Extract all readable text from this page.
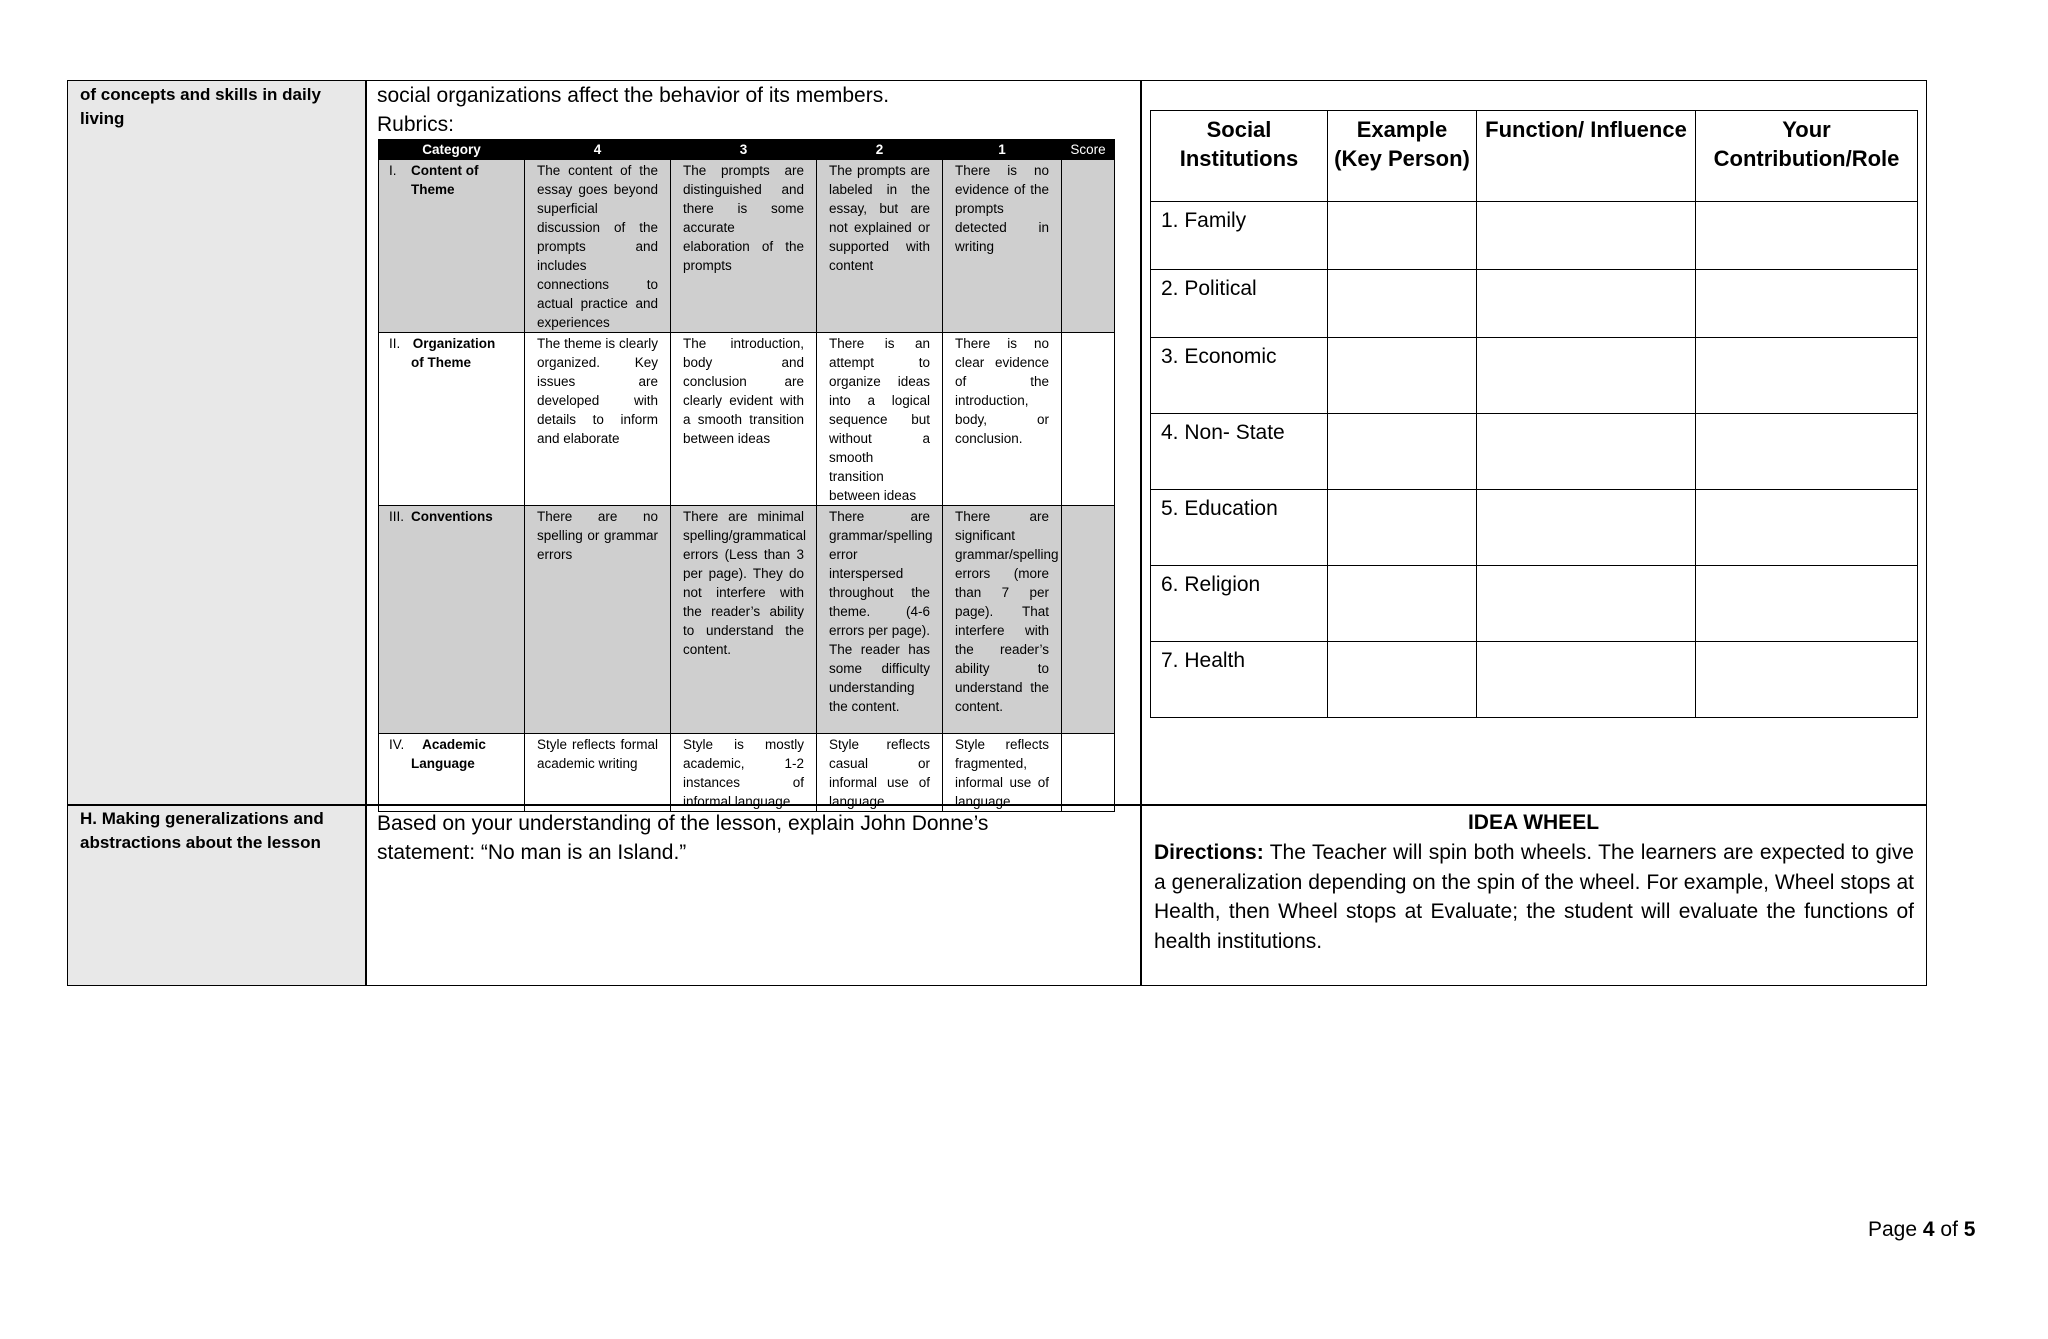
of concepts and skills in daily living
H. Making generalizations and abstractions about the lesson
social organizations affect the behavior of its members.
Rubrics:
Category	4	3	2	1	Score
I. Content of Theme	The content of the essay goes beyond superficial discussion of the prompts and includes connections to actual practice and experiences	The prompts are distinguished and there is some accurate elaboration of the prompts	The prompts are labeled in the essay, but are not explained or supported with content	There is no evidence of the prompts detected in writing	
II. Organization of Theme	The theme is clearly organized. Key issues are developed with details to inform and elaborate	The introduction, body and conclusion are clearly evident with a smooth transition between ideas	There is an attempt to organize ideas into a logical sequence but without a smooth transition between ideas	There is no clear evidence of the introduction, body, or conclusion.	
III. Conventions	There are no spelling or grammar errors	There are minimal spelling/grammatical errors (Less than 3 per page). They do not interfere with the reader’s ability to understand the content.	There are grammar/spelling error interspersed throughout the theme. (4-6 errors per page). The reader has some difficulty understanding the content.	There are significant grammar/spelling errors (more than 7 per page). That interfere with the reader’s ability to understand the content.	
IV. Academic Language	Style reflects formal academic writing	Style is mostly academic, 1-2 instances of informal language.	Style reflects casual or informal use of language.	Style reflects fragmented, informal use of language.	
Social Institutions	Example (Key Person)	Function/ Influence	Your Contribution/Role
1. Family			
2. Political			
3. Economic			
4. Non- State			
5. Education			
6. Religion			
7. Health			
Based on your understanding of the lesson, explain John Donne’s statement: “No man is an Island.”
IDEA WHEEL
Directions: The Teacher will spin both wheels. The learners are expected to give a generalization depending on the spin of the wheel. For example, Wheel stops at Health, then Wheel stops at Evaluate; the student will evaluate the functions of health institutions.
Page 4 of 5
